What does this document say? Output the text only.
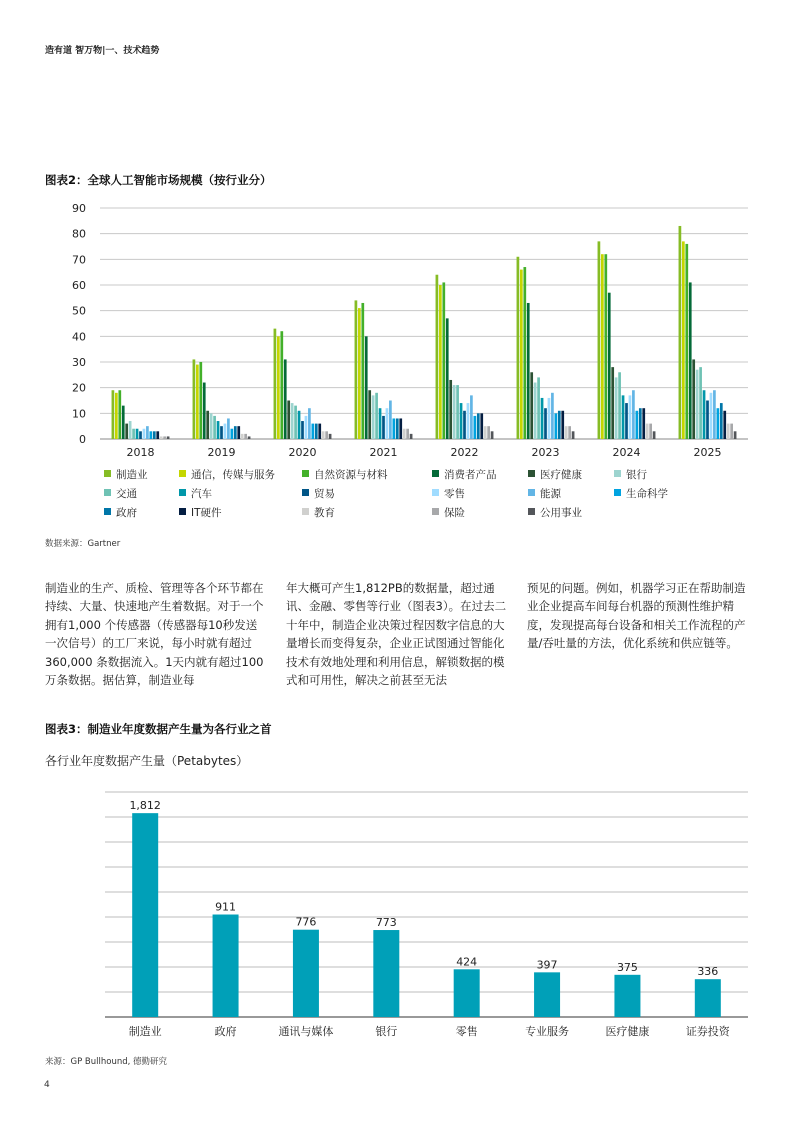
造有道 智万物|一、技术趋势
图表2：全球人工智能市场规模（按行业分）
0
10
20
30
40
50
60
70
80
90
2018	2019	2020	2021	2022	2023	2024	2025
制造业	通信，传媒与服务	自然资源与材料	消费者产品	医疗健康	银行
交通	汽车	贸易	零售	能源	生命科学
政府	IT硬件	教育	保险	公用事业
数据来源：Gartner

制造业的生产、质检、管理等各个环节都在持续、大量、快速地产生着数据。对于一个拥有1,000 个传感器（传感器每10秒发送一次信号）的工厂来说，每小时就有超过 360,000 条数据流入。1天内就有超过100万条数据。据估算，制造业每

年大概可产生1,812PB的数据量，超过通讯、金融、零售等行业（图表3）。在过去二十年中，制造企业决策过程因数字信息的大量增长而变得复杂，企业正试图通过智能化技术有效地处理和利用信息，解锁数据的模式和可用性，解决之前甚至无法

预见的问题。例如，机器学习正在帮助制造业企业提高车间每台机器的预测性维护精度，发现提高每台设备和相关工作流程的产量/吞吐量的方法，优化系统和供应链等。

图表3：制造业年度数据产生量为各行业之首
各行业年度数据产生量（Petabytes）
1,812
制造业
911
政府
776
通讯与媒体
773
银行
424
零售
397
专业服务
375
医疗健康
336
证券投资
来源：GP Bullhound, 德勤研究
4
